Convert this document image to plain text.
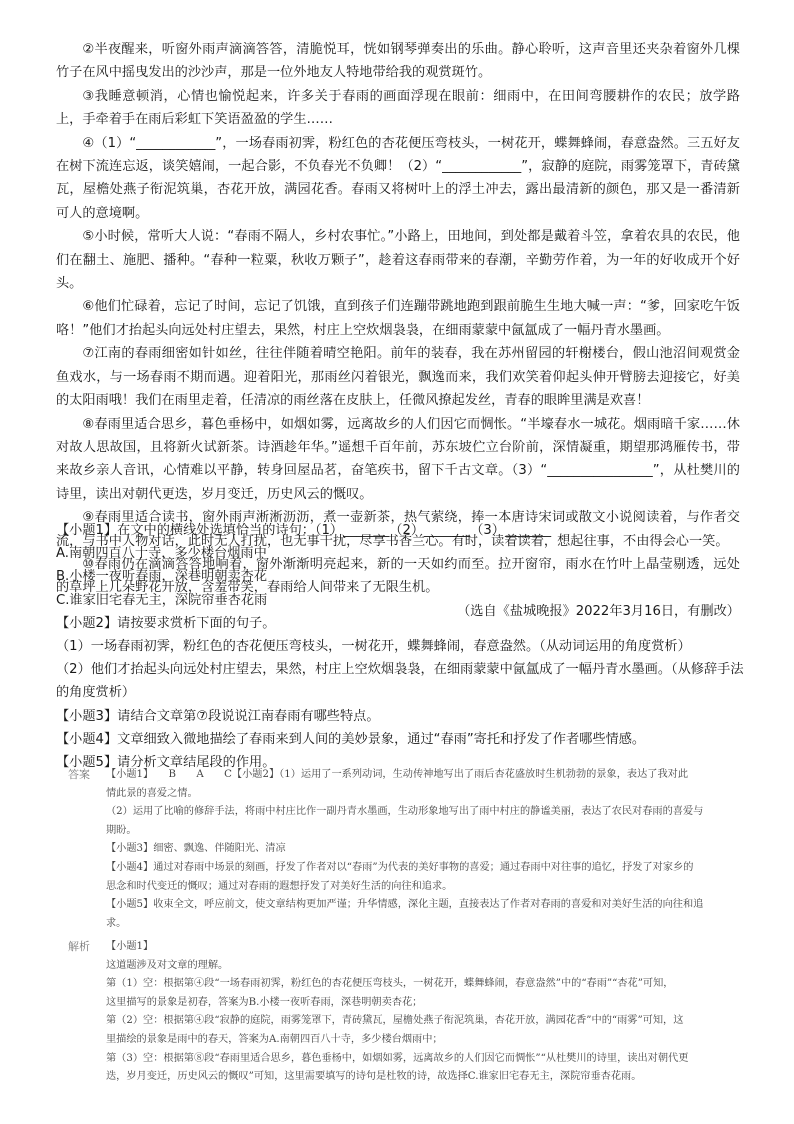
②半夜醒来，听窗外雨声滴滴答答，清脆悦耳，恍如钢琴弹奏出的乐曲。静心聆听，这声音里还夹杂着窗外几棵竹子在风中摇曳发出的沙沙声，那是一位外地友人特地带给我的观赏斑竹。

③我睡意顿消，心情也愉悦起来，许多关于春雨的画面浮现在眼前：细雨中，在田间弯腰耕作的农民；放学路上，手牵着手在雨后彩虹下笑语盈盈的学生……

④（1）“____________”，一场春雨初霁，粉红色的杏花便压弯枝头，一树花开，蝶舞蜂闹，春意盎然。三五好友在树下流连忘返，谈笑嬉闹，一起合影，不负春光不负卿！（2）“____________”，寂静的庭院，雨雾笼罩下，青砖黛瓦，屋檐处燕子衔泥筑巢，杏花开放，满园花香。春雨又将树叶上的浮土冲去，露出最清新的颜色，那又是一番清新可人的意境啊。

⑤小时候，常听大人说：“春雨不隔人，乡村农事忙。”小路上，田地间，到处都是戴着斗笠，拿着农具的农民，他们在翻土、施肥、播种。“春种一粒粟，秋收万颗子”，趁着这春雨带来的春潮，辛勤劳作着，为一年的好收成开个好头。

⑥他们忙碌着，忘记了时间，忘记了饥饿，直到孩子们连蹦带跳地跑到跟前脆生生地大喊一声：“爹，回家吃午饭咯！”他们才抬起头向远处村庄望去，果然，村庄上空炊烟袅袅，在细雨蒙蒙中氤氲成了一幅丹青水墨画。

⑦江南的春雨细密如针如丝，往往伴随着晴空艳阳。前年的装春，我在苏州留园的轩榭楼台，假山池沼间观赏金鱼戏水，与一场春雨不期而遇。迎着阳光，那雨丝闪着银光，飘逸而来，我们欢笑着仰起头伸开臂膀去迎接它，好美的太阳雨哦！我们在雨里走着，任清凉的雨丝落在皮肤上，任微风撩起发丝，青春的眼眸里满是欢喜！

⑧春雨里适合思乡，暮色垂杨中，如烟如雾，远离故乡的人们因它而惆怅。“半壕春水一城花。烟雨暗千家……休对故人思故国，且将新火试新茶。诗酒趁年华。”遥想千百年前，苏东坡伫立台阶前，深情凝重，期望那鸿雁传书，带来故乡亲人音讯，心情难以平静，转身回屋品茗，奋笔疾书，留下千古文章。（3）“________________”，从杜樊川的诗里，读出对朝代更迭，岁月变迁，历史风云的慨叹。

⑨春雨里适合读书，窗外雨声淅淅沥沥，煮一壶新茶，热气萦绕，捧一本唐诗宋词或散文小说阅读着，与作者交流，与书中人物对话，此时无人打扰，也无事干扰，尽享书香兰心。有时，读着读着，想起往事，不由得会心一笑。

⑩春雨仍在滴滴答答地响着，窗外渐渐明亮起来，新的一天如约而至。拉开窗帘，雨水在竹叶上晶莹剔透，远处的草坪上几朵野花开放，含羞带笑，春雨给人间带来了无限生机。

（选自《盐城晚报》2022年3月16日，有删改）

【小题1】在文中的横线处选填恰当的诗句：（1）_______（2）_______（3）_______

A.南朝四百八十寺，多少楼台烟雨中

B.小楼一夜听春雨，深巷明朝卖杏花

C.谁家旧宅春无主，深院帘垂杏花雨

【小题2】请按要求赏析下面的句子。

（1）一场春雨初霁，粉红色的杏花便压弯枝头，一树花开，蝶舞蜂闹，春意盎然。（从动词运用的角度赏析）

（2）他们才抬起头向远处村庄望去，果然，村庄上空炊烟袅袅，在细雨蒙蒙中氤氲成了一幅丹青水墨画。（从修辞手法的角度赏析）

【小题3】请结合文章第⑦段说说江南春雨有哪些特点。

【小题4】文章细致入微地描绘了春雨来到人间的美妙景象，通过“春雨”寄托和抒发了作者哪些情感。

【小题5】请分析文章结尾段的作用。

答案 【小题1】　　B　　A　　C【小题2】（1）运用了一系列动词，生动传神地写出了雨后杏花盛放时生机勃勃的景象，表达了我对此

情此景的喜爱之情。

（2）运用了比喻的修辞手法，将雨中村庄比作一副丹青水墨画，生动形象地写出了雨中村庄的静谧美丽，表达了农民对春雨的喜爱与

期盼。

【小题3】细密、飘逸、伴随阳光、清凉

【小题4】通过对春雨中场景的刻画，抒发了作者对以“春雨”为代表的美好事物的喜爱；通过春雨中对往事的追忆，抒发了对家乡的

思念和时代变迁的慨叹；通过对春雨的遐想抒发了对美好生活的向往和追求。

【小题5】收束全文，呼应前文，使文章结构更加严谨；升华情感，深化主题，直接表达了作者对春雨的喜爱和对美好生活的向往和追

求。

解析 【小题1】

这道题涉及对文章的理解。

第（1）空：根据第④段“一场春雨初霁，粉红色的杏花便压弯枝头，一树花开，蝶舞蜂闹，春意盎然”中的“春雨”“杏花”可知，

这里描写的景象是初春，答案为B.小楼一夜听春雨，深巷明朝卖杏花；

第（2）空：根据第④段“寂静的庭院，雨雾笼罩下，青砖黛瓦，屋檐处燕子衔泥筑巢，杏花开放，满园花香”中的“雨雾”可知，这

里描绘的景象是雨中的春天，答案为A.南朝四百八十寺，多少楼台烟雨中；

第（3）空：根据第⑧段“春雨里适合思乡，暮色垂杨中，如烟如雾，远离故乡的人们因它而惆怅”“从杜樊川的诗里，读出对朝代更

迭，岁月变迁，历史风云的慨叹”可知，这里需要填写的诗句是杜牧的诗，故选择C.谁家旧宅春无主，深院帘垂杏花雨。
